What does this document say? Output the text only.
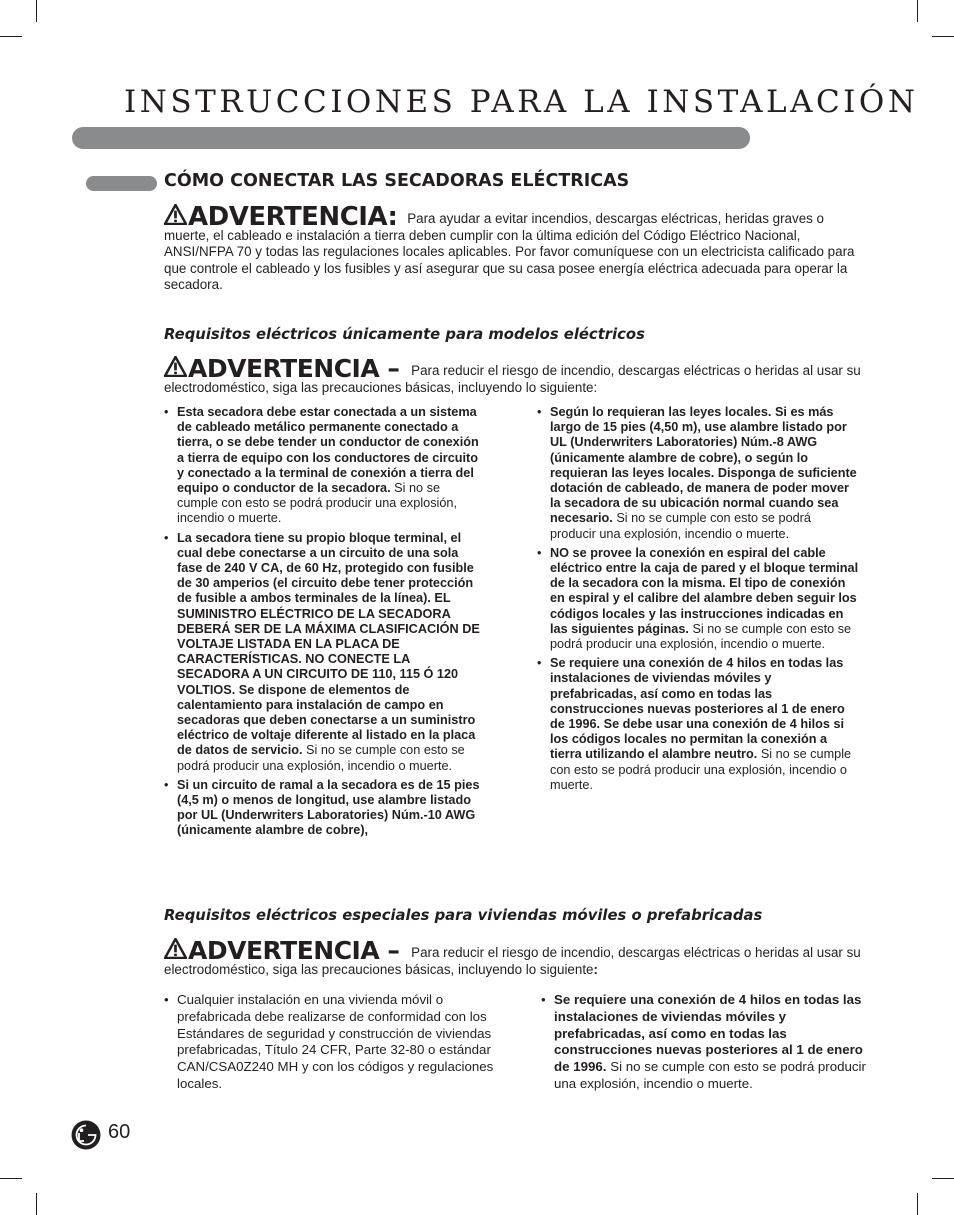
INSTRUCCIONES PARA LA INSTALACIÓN
CÓMO CONECTAR LAS SECADORAS ELÉCTRICAS
ADVERTENCIA: Para ayudar a evitar incendios, descargas eléctricas, heridas graves o muerte, el cableado e instalación a tierra deben cumplir con la última edición del Código Eléctrico Nacional, ANSI/NFPA 70 y todas las regulaciones locales aplicables. Por favor comuníquese con un electricista calificado para que controle el cableado y los fusibles y así asegurar que su casa posee energía eléctrica adecuada para operar la secadora.
Requisitos eléctricos únicamente para modelos eléctricos
ADVERTENCIA – Para reducir el riesgo de incendio, descargas eléctricas o heridas al usar su electrodoméstico, siga las precauciones básicas, incluyendo lo siguiente:
• Esta secadora debe estar conectada a un sistema de cableado metálico permanente conectado a tierra, o se debe tender un conductor de conexión a tierra de equipo con los conductores de circuito y conectado a la terminal de conexión a tierra del equipo o conductor de la secadora. Si no se cumple con esto se podrá producir una explosión, incendio o muerte.
• La secadora tiene su propio bloque terminal, el cual debe conectarse a un circuito de una sola fase de 240 V CA, de 60 Hz, protegido con fusible de 30 amperios (el circuito debe tener protección de fusible a ambos terminales de la línea). EL SUMINISTRO ELÉCTRICO DE LA SECADORA DEBERÁ SER DE LA MÁXIMA CLASIFICACIÓN DE VOLTAJE LISTADA EN LA PLACA DE CARACTERÍSTICAS. NO CONECTE LA SECADORA A UN CIRCUITO DE 110, 115 Ó 120 VOLTIOS. Se dispone de elementos de calentamiento para instalación de campo en secadoras que deben conectarse a un suministro eléctrico de voltaje diferente al listado en la placa de datos de servicio. Si no se cumple con esto se podrá producir una explosión, incendio o muerte.
• Si un circuito de ramal a la secadora es de 15 pies (4,5 m) o menos de longitud, use alambre listado por UL (Underwriters Laboratories) Núm.-10 AWG (únicamente alambre de cobre),
• Según lo requieran las leyes locales. Si es más largo de 15 pies (4,50 m), use alambre listado por UL (Underwriters Laboratories) Núm.-8 AWG (únicamente alambre de cobre), o según lo requieran las leyes locales. Disponga de suficiente dotación de cableado, de manera de poder mover la secadora de su ubicación normal cuando sea necesario. Si no se cumple con esto se podrá producir una explosión, incendio o muerte.
• NO se provee la conexión en espiral del cable eléctrico entre la caja de pared y el bloque terminal de la secadora con la misma. El tipo de conexión en espiral y el calibre del alambre deben seguir los códigos locales y las instrucciones indicadas en las siguientes páginas. Si no se cumple con esto se podrá producir una explosión, incendio o muerte.
• Se requiere una conexión de 4 hilos en todas las instalaciones de viviendas móviles y prefabricadas, así como en todas las construcciones nuevas posteriores al 1 de enero de 1996. Se debe usar una conexión de 4 hilos si los códigos locales no permitan la conexión a tierra utilizando el alambre neutro. Si no se cumple con esto se podrá producir una explosión, incendio o muerte.
Requisitos eléctricos especiales para viviendas móviles o prefabricadas
ADVERTENCIA – Para reducir el riesgo de incendio, descargas eléctricas o heridas al usar su electrodoméstico, siga las precauciones básicas, incluyendo lo siguiente:
• Cualquier instalación en una vivienda móvil o prefabricada debe realizarse de conformidad con los Estándares de seguridad y construcción de viviendas prefabricadas, Título 24 CFR, Parte 32-80 o estándar CAN/CSA0Z240 MH y con los códigos y regulaciones locales.
• Se requiere una conexión de 4 hilos en todas las instalaciones de viviendas móviles y prefabricadas, así como en todas las construcciones nuevas posteriores al 1 de enero de 1996. Si no se cumple con esto se podrá producir una explosión, incendio o muerte.
60
